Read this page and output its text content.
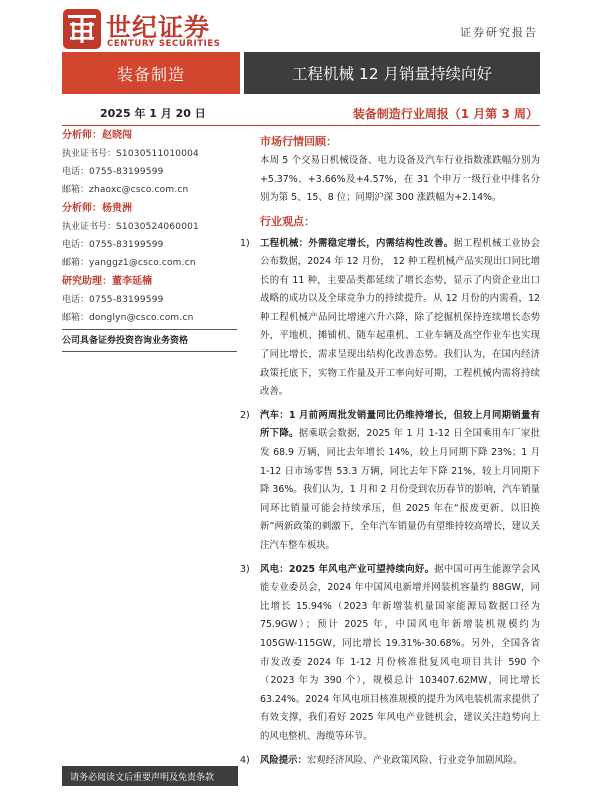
世纪证券
CENTURY SECURITIES
证券研究报告
装备制造	工程机械 12 月销量持续向好
2025 年 1 月 20 日	装备制造行业周报（1 月第 3 周）
分析师：赵晓闯
执业证书号：S1030511010004
电话：0755-83199599
邮箱：zhaoxc@csco.com.cn
分析师：杨贵洲
执业证书号：S1030524060001
电话：0755-83199599
邮箱：yanggz1@csco.com.cn
研究助理：董李延楠
电话：0755-83199599
邮箱：donglyn@csco.com.cn
公司具备证券投资咨询业务资格
市场行情回顾：
本周 5 个交易日机械设备、电力设备及汽车行业指数涨跌幅分别为+5.37%、+3.66%及+4.57%，在 31 个申万一级行业中排名分别为第 5、15、8 位；同期沪深 300 涨跌幅为+2.14%。
行业观点：
1) 工程机械：外需稳定增长，内需结构性改善。据工程机械工业协会公布数据，2024 年 12 月份， 12 种工程机械产品实现出口同比增长的有 11 种，主要品类都延续了增长态势，显示了内资企业出口战略的成功以及全球竞争力的持续提升。从 12 月份的内需看，12 种工程机械产品同比增速六升六降，除了挖掘机保持连续增长态势外，平地机、摊铺机、随车起重机、工业车辆及高空作业车也实现了同比增长，需求呈现出结构化改善态势。我们认为，在国内经济政策托底下，实物工作量及开工率向好可期，工程机械内需将持续改善。
2) 汽车：1 月前两周批发销量同比仍维持增长，但较上月同期销量有所下降。据乘联会数据，2025 年 1 月 1-12 日全国乘用车厂家批发 68.9 万辆，同比去年增长 14%，较上月同期下降 23%；1 月 1-12 日市场零售 53.3 万辆，同比去年下降 21%，较上月同期下降 36%。我们认为，1 月和 2 月份受到农历春节的影响，汽车销量同环比销量可能会持续承压，但 2025 年在“报废更新、以旧换新”两新政策的刺激下，全年汽车销量仍有望维持较高增长，建议关注汽车整车板块。
3) 风电：2025 年风电产业可望持续向好。据中国可再生能源学会风能专业委员会，2024 年中国风电新增并网装机容量约 88GW，同比增长 15.94%（2023 年新增装机量国家能源局数据口径为 75.9GW）；预计 2025 年，中国风电年新增装机规模约为 105GW-115GW，同比增长 19.31%-30.68%。另外，全国各省市发改委 2024 年 1-12 月份核准批复风电项目共计 590 个（2023 年为 390 个），规模总计 103407.62MW，同比增长 63.24%。2024 年风电项目核准规模的提升为风电装机需求提供了有效支撑，我们看好 2025 年风电产业链机会，建议关注趋势向上的风电整机、海缆等环节。
4) 风险提示：宏观经济风险、产业政策风险、行业竞争加剧风险。
请务必阅读文后重要声明及免责条款
